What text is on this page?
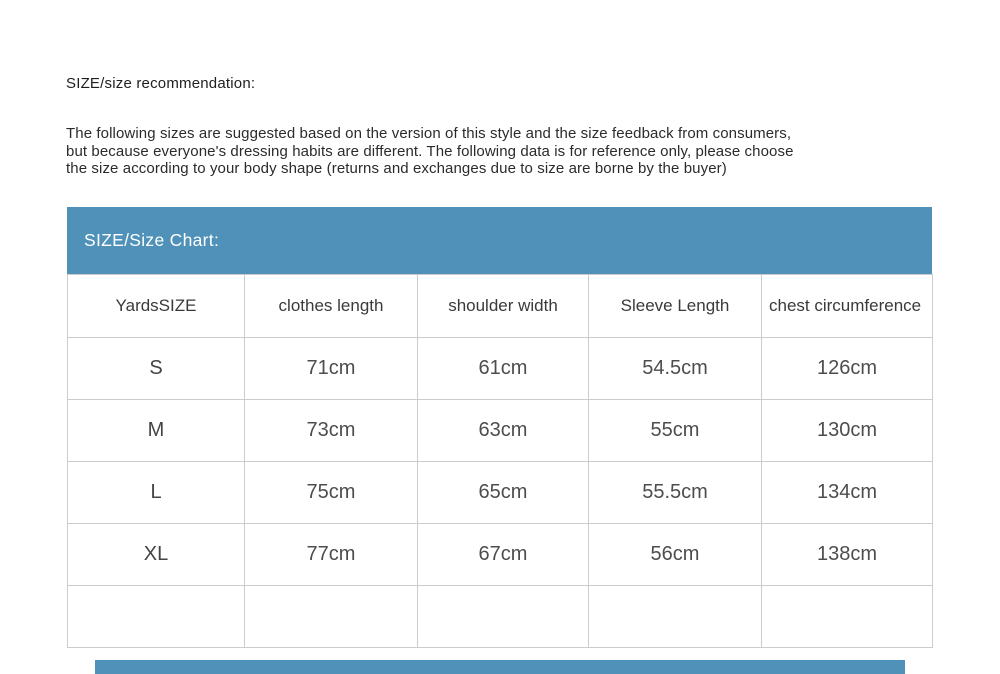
SIZE/size recommendation:
The following sizes are suggested based on the version of this style and the size feedback from consumers,
but because everyone's dressing habits are different. The following data is for reference only, please choose
the size according to your body shape (returns and exchanges due to size are borne by the buyer)
SIZE/Size Chart:
YardsSIZE	clothes length	shoulder width	Sleeve Length	chest circumference
S	71cm	61cm	54.5cm	126cm
M	73cm	63cm	55cm	130cm
L	75cm	65cm	55.5cm	134cm
XL	77cm	67cm	56cm	138cm
